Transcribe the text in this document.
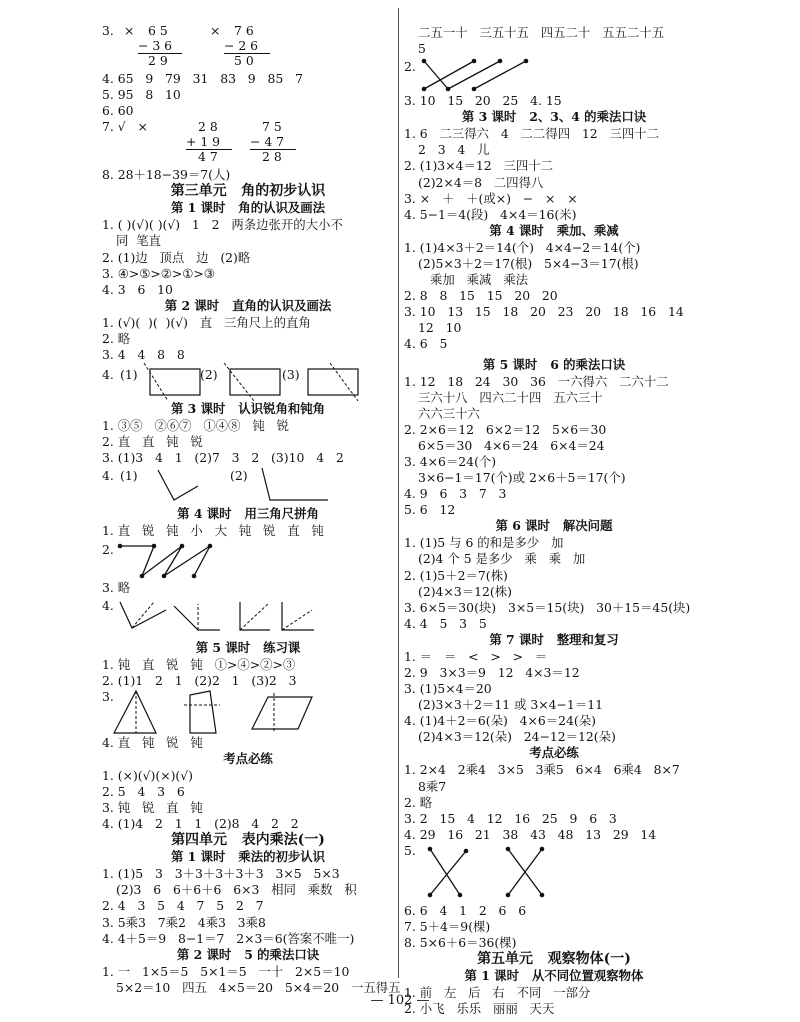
3.

×

6 5

− 3 6

2 9

×

7 6

− 2 6

5 0

4. 65   9   79   31   83   9   85   7
5. 95   8   10
6. 60

7. √   ×

	2 8

+ 1 9

4 7

7 5

− 4 7

2 8

8. 28＋18−39＝7(人)
第三单元   角的初步认识
第 1 课时   角的认识及画法
1. ( )(√)( )(√)   1   2   两条边张开的大小不
同  笔直
2. (1)边   顶点   边   (2)略
3. ④>⑤>②>①>③
4. 3   6   10
第 2 课时   直角的认识及画法
1. (√)(  )(  )(√)   直   三角尺上的直角
2. 略
3. 4   4   8   8

4.

(1)

	(2)

	(3)

第 3 课时   认识锐角和钝角
1. ③⑤   ②⑥⑦   ①④⑧   钝   锐
2. 直   直   钝   锐
3. (1)3   4   1   (2)7   3   2   (3)10   4   2

4.

(1)

	(2)

第 4 课时   用三角尺拼角
1. 直   锐   钝   小   大   钝   锐   直   钝
2.
3. 略
4.
第 5 课时   练习课
1. 钝   直   锐   钝   ①>④>②>③
2. (1)1   2   1   (2)2   1   (3)2   3
3.
4. 直   钝   锐   钝
考点必练
1. (×)(√)(×)(√)
2. 5   4   3   6
3. 钝   锐   直   钝
4. (1)4   2   1   1   (2)8   4   2   2
第四单元   表内乘法(一)
第 1 课时   乘法的初步认识
1. (1)5   3   3＋3＋3＋3＋3   3×5   5×3
(2)3   6   6＋6＋6   6×3   相同   乘数   积
2. 4   3   5   4   7   5   2   7
3. 5乘3   7乘2   4乘3   3乘8
4. 4＋5＝9   8−1＝7   2×3＝6(答案不唯一)
第 2 课时   5 的乘法口诀
1. 一   1×5＝5   5×1＝5   一十   2×5＝10
5×2＝10   四五   4×5＝20   5×4＝20   一五得五
二五一十   三五十五   四五二十   五五二十五
5
2.
3. 10   15   20   25   4. 15
第 3 课时   2、3、4 的乘法口诀
1. 6   二三得六   4   二二得四   12   三四十二
2   3   4   儿
2. (1)3×4＝12   三四十二
(2)2×4＝8   二四得八
3. ×   ＋   ＋(或×)   −   ×   ×
4. 5−1＝4(段)   4×4＝16(米)
第 4 课时   乘加、乘减
1. (1)4×3＋2＝14(个)   4×4−2＝14(个)
(2)5×3＋2＝17(根)   5×4−3＝17(根)
乘加   乘减   乘法
2. 8   8   15   15   20   20
3. 10   13   15   18   20   23   20   18   16   14
12   10
4. 6   5
第 5 课时   6 的乘法口诀
1. 12   18   24   30   36   一六得六   二六十二
三六十八   四六二十四   五六三十
六六三十六
2. 2×6＝12   6×2＝12   5×6＝30
6×5＝30   4×6＝24   6×4＝24
3. 4×6＝24(个)
3×6−1＝17(个)或 2×6＋5＝17(个)
4. 9   6   3   7   3
5. 6   12
第 6 课时   解决问题
1. (1)5 与 6 的和是多少   加
(2)4 个 5 是多少   乘   乘   加
2. (1)5＋2＝7(株)
(2)4×3＝12(株)
3. 6×5＝30(块)   3×5＝15(块)   30＋15＝45(块)
4. 4   5   3   5
第 7 课时   整理和复习
1. ＝   ＝   <   >   >   ＝
2. 9   3×3＝9   12   4×3＝12
3. (1)5×4＝20
(2)3×3＋2＝11 或 3×4−1＝11
4. (1)4＋2＝6(朵)   4×6＝24(朵)
(2)4×3＝12(朵)   24−12＝12(朵)
考点必练
1. 2×4   2乘4   3×5   3乘5   6×4   6乘4   8×7
8乘7
2. 略
3. 2   15   4   12   16   25   9   6   3
4. 29   16   21   38   43   48   13   29   14
5.
6. 6   4   1   2   6   6
7. 5＋4＝9(棵)
8. 5×6＋6＝36(棵)
第五单元   观察物体(一)
第 1 课时   从不同位置观察物体
1. 前   左   后   右   不同   一部分
2. 小飞   乐乐   丽丽   天天
— 102 —
